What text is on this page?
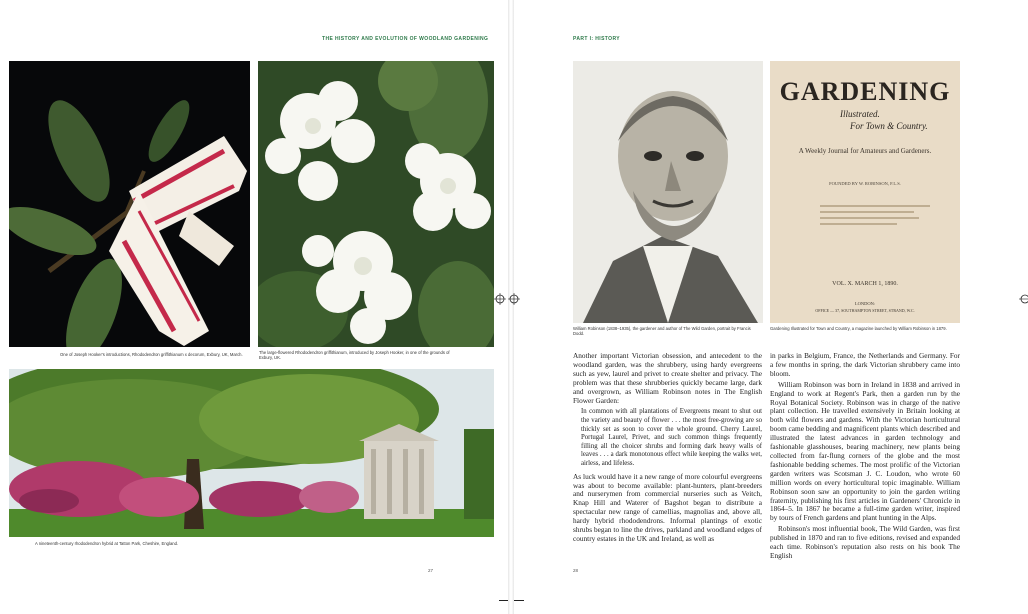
THE HISTORY AND EVOLUTION OF WOODLAND GARDENING
One of Joseph Hooker's introductions, Rhododendron griffithianum x decorum, Exbury, UK, March.	The large-flowered Rhododendron griffithianum, introduced by Joseph Hooker, in one of the grounds of Exbury, UK.
A nineteenth-century rhododendron hybrid at Tatton Park, Cheshire, England.
27
PART I: HISTORY
GARDENING
Illustrated.
For Town & Country.
A Weekly Journal for Amateurs and Gardeners.
FOUNDED BY W. ROBINSON, F.L.S.
VOL. X. MARCH 1, 1890.
LONDON:
OFFICE — 37, SOUTHAMPTON STREET, STRAND, W.C.
William Robinson (1838–1935), the gardener and author of The Wild Garden, portrait by Francis Dodd.
Gardening Illustrated for Town and Country, a magazine launched by William Robinson in 1879.

Another important Victorian obsession, and antecedent to the woodland garden, was the shrubbery, using hardy evergreens such as yew, laurel and privet to create shelter and privacy. The problem was that these shrubberies quickly became large, dark and overgrown, as William Robinson notes in The English Flower Garden:

In common with all plantations of Evergreens meant to shut out the variety and beauty of flower . . . the most free-growing are so thickly set as soon to cover the whole ground. Cherry Laurel, Portugal Laurel, Privet, and such common things frequently filling all the choicer shrubs and forming dark heavy walls of leaves . . . a dark monotonous effect while keeping the walks wet, airless, and lifeless.

As luck would have it a new range of more colourful evergreens was about to become available: plant-hunters, plant-breeders and nurserymen from commercial nurseries such as Veitch, Knap Hill and Waterer of Bagshot began to distribute a spectacular new range of camellias, magnolias and, above all, hardy hybrid rhododendrons. Informal plantings of exotic shrubs began to line the drives, parkland and woodland edges of country estates in the UK and Ireland, as well as

in parks in Belgium, France, the Netherlands and Germany. For a few months in spring, the dark Victorian shrubbery came into bloom.

William Robinson was born in Ireland in 1838 and arrived in England to work at Regent's Park, then a garden run by the Royal Botanical Society. Robinson was in charge of the native plant collection. He travelled extensively in Britain looking at both wild flowers and gardens. With the Victorian horticultural boom came bedding and magnificent plants which described and illustrated the latest advances in garden technology and fashionable glasshouses, bearing machinery, new plants being collected from far-flung corners of the globe and the most fashionable bedding schemes. The most prolific of the Victorian garden writers was Scotsman J. C. Loudon, who wrote 60 million words on every horticultural topic imaginable. William Robinson soon saw an opportunity to join the garden writing fraternity, publishing his first articles in Gardeners' Chronicle in 1864–5. In 1867 he became a full-time garden writer, inspired by tours of French gardens and plant hunting in the Alps.

Robinson's most influential book, The Wild Garden, was first published in 1870 and ran to five editions, revised and expanded each time. Robinson's reputation also rests on his book The English

28
